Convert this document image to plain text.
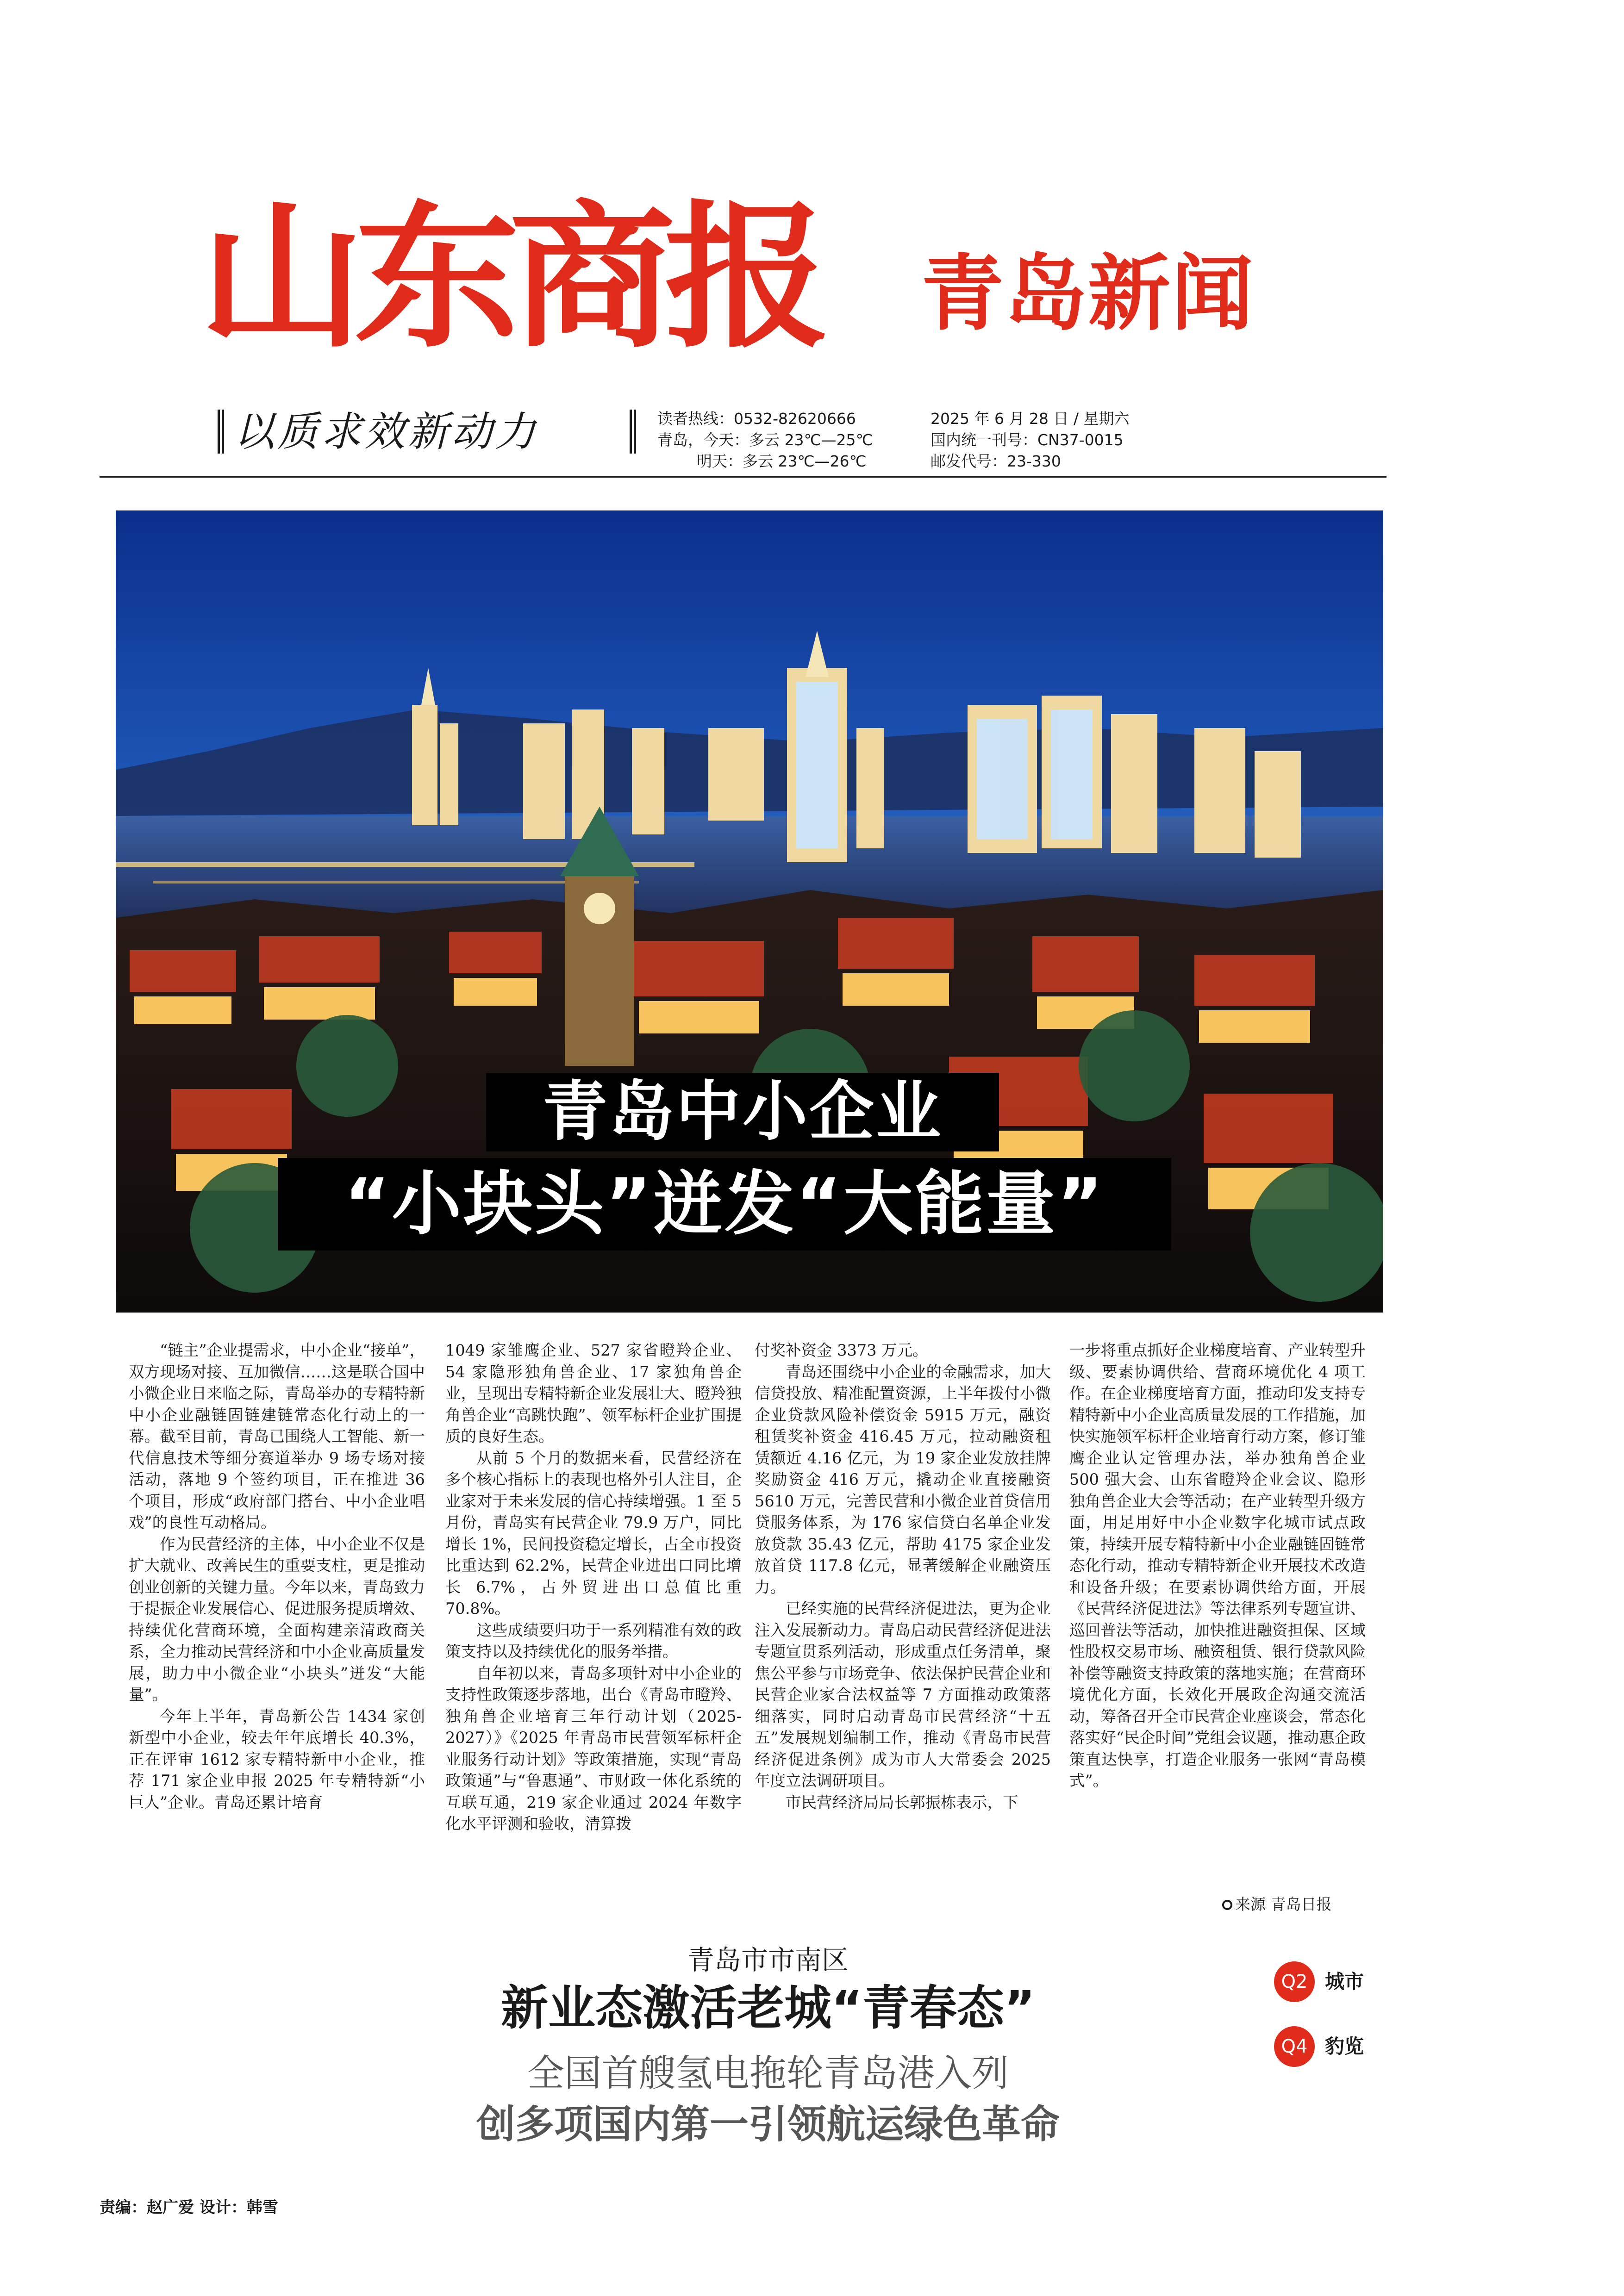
山东商报	青岛新闻
以质求效新动力	读者热线：0532-82620666
青岛，今天：多云 23℃—25℃
明天：多云 23℃—26℃
2025 年 6 月 28 日 / 星期六
国内统一刊号：CN37-0015
邮发代号：23-330
青岛中小企业
“小块头”迸发“大能量”

“链主”企业提需求，中小企业“接单”，双方现场对接、互加微信……这是联合国中小微企业日来临之际，青岛举办的专精特新中小企业融链固链建链常态化行动上的一幕。截至目前，青岛已围绕人工智能、新一代信息技术等细分赛道举办 9 场专场对接活动，落地 9 个签约项目，正在推进 36 个项目，形成“政府部门搭台、中小企业唱戏”的良性互动格局。

作为民营经济的主体，中小企业不仅是扩大就业、改善民生的重要支柱，更是推动创业创新的关键力量。今年以来，青岛致力于提振企业发展信心、促进服务提质增效、持续优化营商环境，全面构建亲清政商关系，全力推动民营经济和中小企业高质量发展，助力中小微企业“小块头”迸发“大能量”。

今年上半年，青岛新公告 1434 家创新型中小企业，较去年年底增长 40.3%，正在评审 1612 家专精特新中小企业，推荐 171 家企业申报 2025 年专精特新“小巨人”企业。青岛还累计培育

1049 家雏鹰企业、527 家省瞪羚企业、54 家隐形独角兽企业、17 家独角兽企业，呈现出专精特新企业发展壮大、瞪羚独角兽企业“高跳快跑”、领军标杆企业扩围提质的良好生态。

从前 5 个月的数据来看，民营经济在多个核心指标上的表现也格外引人注目，企业家对于未来发展的信心持续增强。1 至 5 月份，青岛实有民营企业 79.9 万户，同比增长 1%，民间投资稳定增长，占全市投资比重达到 62.2%，民营企业进出口同比增长 6.7%，占外贸进出口总值比重 70.8%。

这些成绩要归功于一系列精准有效的政策支持以及持续优化的服务举措。

自年初以来，青岛多项针对中小企业的支持性政策逐步落地，出台《青岛市瞪羚、独角兽企业培育三年行动计划（2025-2027）》《2025 年青岛市民营领军标杆企业服务行动计划》等政策措施，实现“青岛政策通”与“鲁惠通”、市财政一体化系统的互联互通，219 家企业通过 2024 年数字化水平评测和验收，清算拨

付奖补资金 3373 万元。

青岛还围绕中小企业的金融需求，加大信贷投放、精准配置资源，上半年拨付小微企业贷款风险补偿资金 5915 万元，融资租赁奖补资金 416.45 万元，拉动融资租赁额近 4.16 亿元，为 19 家企业发放挂牌奖励资金 416 万元，撬动企业直接融资 5610 万元，完善民营和小微企业首贷信用贷服务体系，为 176 家信贷白名单企业发放贷款 35.43 亿元，帮助 4175 家企业发放首贷 117.8 亿元，显著缓解企业融资压力。

已经实施的民营经济促进法，更为企业注入发展新动力。青岛启动民营经济促进法专题宣贯系列活动，形成重点任务清单，聚焦公平参与市场竞争、依法保护民营企业和民营企业家合法权益等 7 方面推动政策落细落实，同时启动青岛市民营经济“十五五”发展规划编制工作，推动《青岛市民营经济促进条例》成为市人大常委会 2025 年度立法调研项目。

市民营经济局局长郭振栋表示，下

一步将重点抓好企业梯度培育、产业转型升级、要素协调供给、营商环境优化 4 项工作。在企业梯度培育方面，推动印发支持专精特新中小企业高质量发展的工作措施，加快实施领军标杆企业培育行动方案，修订雏鹰企业认定管理办法，举办独角兽企业 500 强大会、山东省瞪羚企业会议、隐形独角兽企业大会等活动；在产业转型升级方面，用足用好中小企业数字化城市试点政策，持续开展专精特新中小企业融链固链常态化行动，推动专精特新企业开展技术改造和设备升级；在要素协调供给方面，开展《民营经济促进法》等法律系列专题宣讲、巡回普法等活动，加快推进融资担保、区域性股权交易市场、融资租赁、银行贷款风险补偿等融资支持政策的落地实施；在营商环境优化方面，长效化开展政企沟通交流活动，筹备召开全市民营企业座谈会，常态化落实好“民企时间”党组会议题，推动惠企政策直达快享，打造企业服务一张网“青岛模式”。

来源 青岛日报
青岛市市南区
新业态激活老城“青春态”
全国首艘氢电拖轮青岛港入列
创多项国内第一引领航运绿色革命
Q2 城市
Q4 豹览
责编：赵广爱 设计：韩雪
